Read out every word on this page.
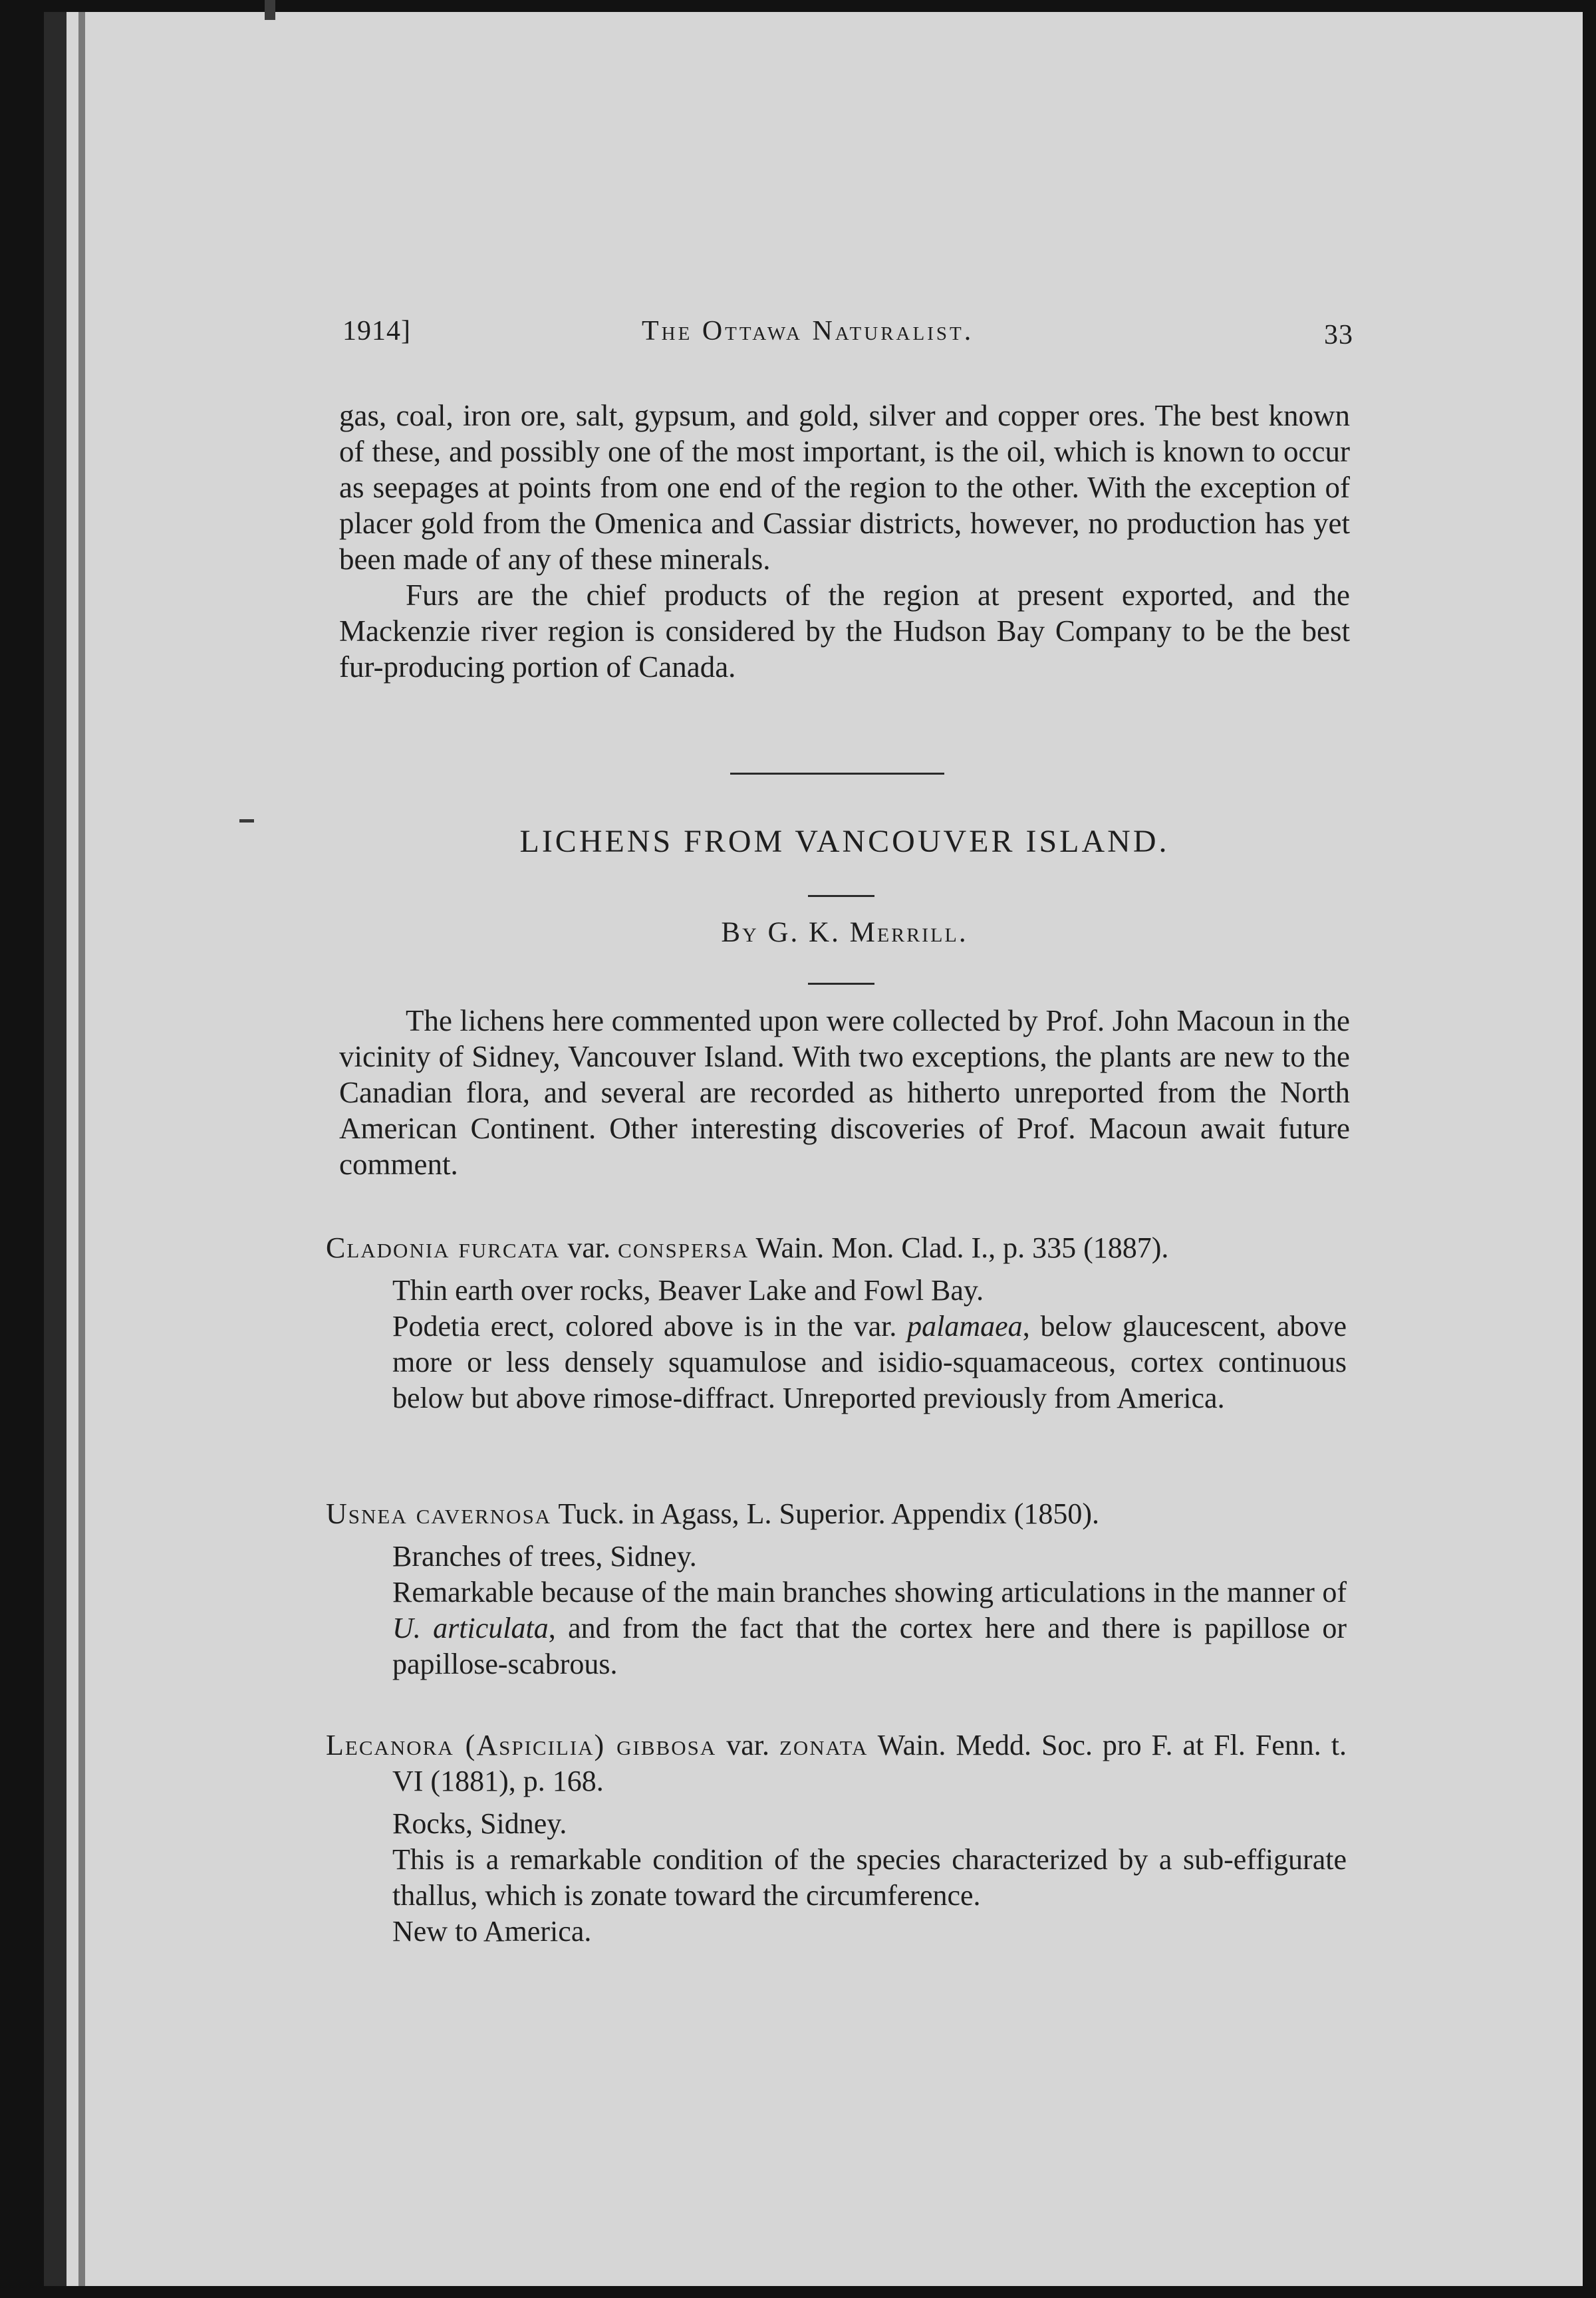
1914]	The Ottawa Naturalist.	33

gas, coal, iron ore, salt, gypsum, and gold, silver and copper ores. The best known of these, and possibly one of the most important, is the oil, which is known to occur as seepages at points from one end of the region to the other. With the exception of placer gold from the Omenica and Cassiar districts, however, no production has yet been made of any of these minerals.

Furs are the chief products of the region at present exported, and the Mackenzie river region is considered by the Hudson Bay Company to be the best fur-producing portion of Canada.

LICHENS FROM VANCOUVER ISLAND.
By G. K. Merrill.

The lichens here commented upon were collected by Prof. John Macoun in the vicinity of Sidney, Vancouver Island. With two exceptions, the plants are new to the Canadian flora, and several are recorded as hitherto unreported from the North American Continent. Other interesting discoveries of Prof. Macoun await future comment.

Cladonia furcata var. conspersa Wain. Mon. Clad. I., p. 335 (1887).

Thin earth over rocks, Beaver Lake and Fowl Bay.

Podetia erect, colored above is in the var. palamaea, below glaucescent, above more or less densely squamulose and isidio-squamaceous, cortex continuous below but above rimose-diffract. Unreported previously from America.

Usnea cavernosa Tuck. in Agass, L. Superior. Appendix (1850).

Branches of trees, Sidney.

Remarkable because of the main branches showing articulations in the manner of U. articulata, and from the fact that the cortex here and there is papillose or papillose-scabrous.

Lecanora (Aspicilia) gibbosa var. zonata Wain. Medd. Soc. pro F. at Fl. Fenn. t. VI (1881), p. 168.

Rocks, Sidney.

This is a remarkable condition of the species characterized by a sub-effigurate thallus, which is zonate toward the circumference.

New to America.
